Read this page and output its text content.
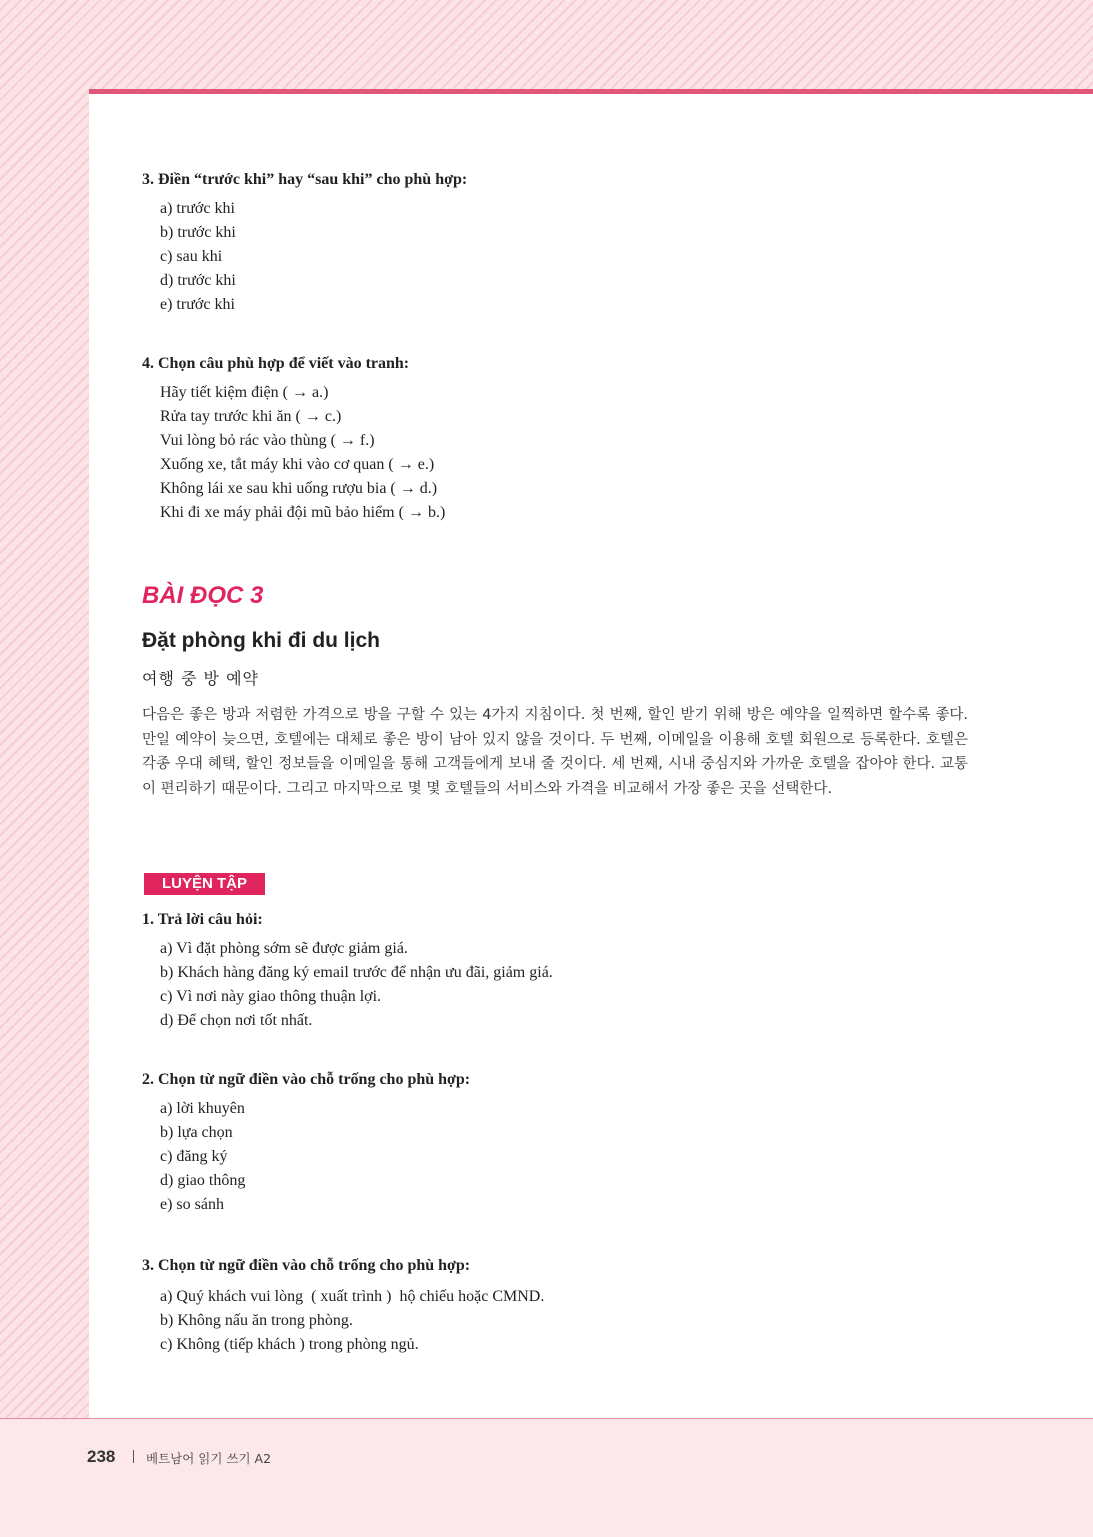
3. Điền “trước khi” hay “sau khi” cho phù hợp:
a) trước khi
b) trước khi
c) sau khi
d) trước khi
e) trước khi
4. Chọn câu phù hợp để viết vào tranh:
Hãy tiết kiệm điện ( → a.)
Rửa tay trước khi ăn ( → c.)
Vui lòng bỏ rác vào thùng ( → f.)
Xuống xe, tắt máy khi vào cơ quan ( → e.)
Không lái xe sau khi uống rượu bia ( → d.)
Khi đi xe máy phải đội mũ bảo hiểm ( → b.)
BÀI ĐỌC 3
Đặt phòng khi đi du lịch
여행 중 방 예약
다음은 좋은 방과 저렴한 가격으로 방을 구할 수 있는 4가지 지침이다. 첫 번째, 할인 받기 위해 방은 예약을 일찍하면 할수록 좋다. 만일 예약이 늦으면, 호텔에는 대체로 좋은 방이 남아 있지 않을 것이다. 두 번째, 이메일을 이용해 호텔 회원으로 등록한다. 호텔은 각종 우대 혜택, 할인 정보들을 이메일을 통해 고객들에게 보내 줄 것이다. 세 번째, 시내 중심지와 가까운 호텔을 잡아야 한다. 교통이 편리하기 때문이다. 그리고 마지막으로 몇 몇 호텔들의 서비스와 가격을 비교해서 가장 좋은 곳을 선택한다.
LUYỆN TẬP
1. Trả lời câu hỏi:
a) Vì đặt phòng sớm sẽ được giảm giá.
b) Khách hàng đăng ký email trước để nhận ưu đãi, giảm giá.
c) Vì nơi này giao thông thuận lợi.
d) Để chọn nơi tốt nhất.
2. Chọn từ ngữ điền vào chỗ trống cho phù hợp:
a) lời khuyên
b) lựa chọn
c) đăng ký
d) giao thông
e) so sánh
3. Chọn từ ngữ điền vào chỗ trống cho phù hợp:
a) Quý khách vui lòng  ( xuất trình )  hộ chiếu hoặc CMND.
b) Không nấu ăn trong phòng.
c) Không (tiếp khách ) trong phòng ngủ.
238 베트남어 읽기 쓰기 A2
